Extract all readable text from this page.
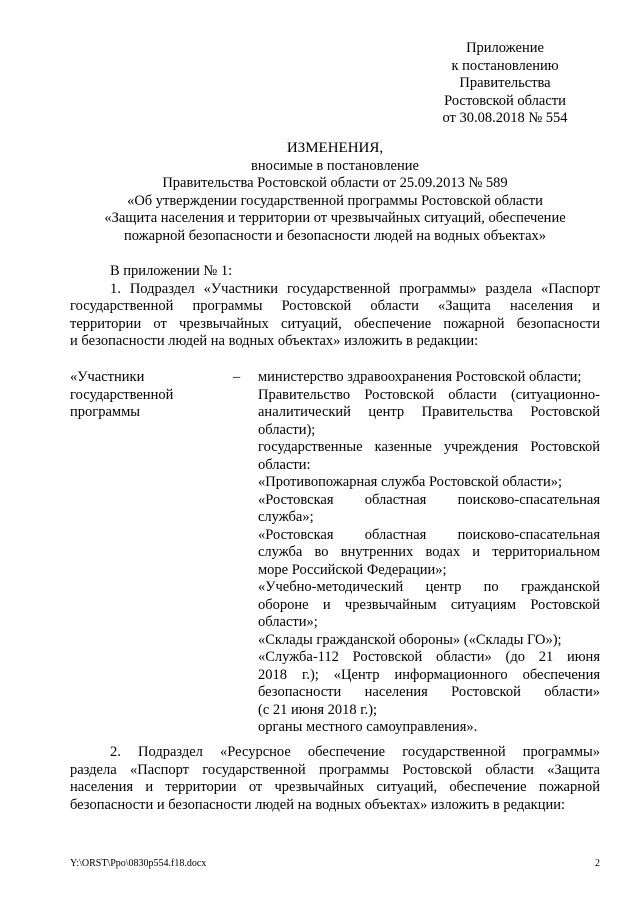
Приложение
к постановлению
Правительства
Ростовской области
от 30.08.2018 № 554
ИЗМЕНЕНИЯ,
вносимые в постановление
Правительства Ростовской области от 25.09.2013 № 589
«Об утверждении государственной программы Ростовской области
«Защита населения и территории от чрезвычайных ситуаций, обеспечение
пожарной безопасности и безопасности людей на водных объектах»
В приложении № 1:
1. Подраздел «Участники государственной программы» раздела «Паспорт
государственной программы Ростовской области «Защита населения и
территории от чрезвычайных ситуаций, обеспечение пожарной безопасности
и безопасности людей на водных объектах» изложить в редакции:
«Участники
государственной
программы
– министерство здравоохранения Ростовской области;
Правительство Ростовской области (ситуационно-
аналитический центр Правительства Ростовской
области);
государственные казенные учреждения Ростовской
области:
«Противопожарная служба Ростовской области»;
«Ростовская областная поисково-спасательная
служба»;
«Ростовская областная поисково-спасательная
служба во внутренних водах и территориальном
море Российской Федерации»;
«Учебно-методический центр по гражданской
обороне и чрезвычайным ситуациям Ростовской
области»;
«Склады гражданской обороны» («Склады ГО»);
«Служба-112 Ростовской области» (до 21 июня
2018 г.); «Центр информационного обеспечения
безопасности населения Ростовской области»
(с 21 июня 2018 г.);
органы местного самоуправления».
2. Подраздел «Ресурсное обеспечение государственной программы»
раздела «Паспорт государственной программы Ростовской области «Защита
населения и территории от чрезвычайных ситуаций, обеспечение пожарной
безопасности и безопасности людей на водных объектах» изложить в редакции:
Y:\ORST\Ppo\0830p554.f18.docx	2
